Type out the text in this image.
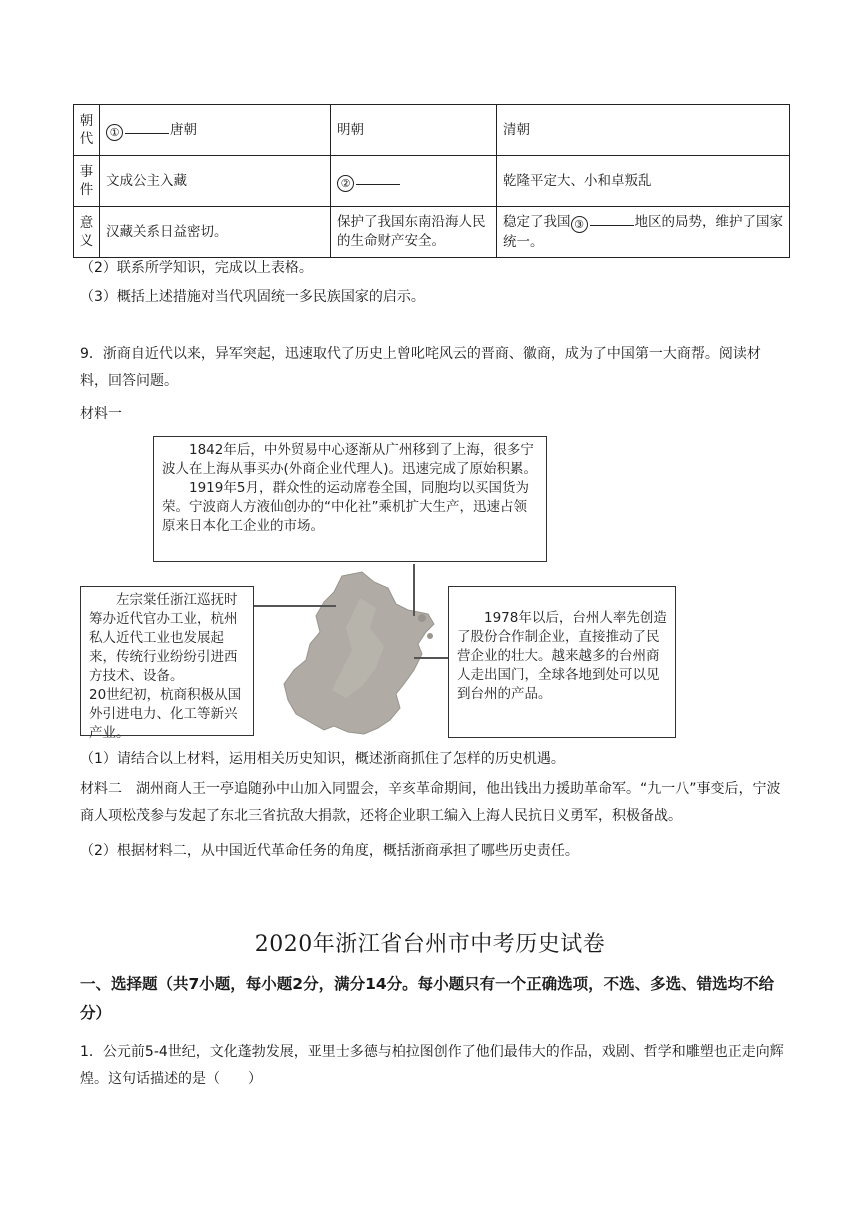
朝代	① 唐朝	明朝	清朝
事件	文成公主入藏	②	乾隆平定大、小和卓叛乱
意义	汉藏关系日益密切。	保护了我国东南沿海人民的生命财产安全。	稳定了我国 ③ 地区的局势，维护了国家统一。
（2）联系所学知识，完成以上表格。
（3）概括上述措施对当代巩固统一多民族国家的启示。
9．浙商自近代以来，异军突起，迅速取代了历史上曾叱咤风云的晋商、徽商，成为了中国第一大商帮。阅读材料，回答问题。
材料一

1842年后，中外贸易中心逐渐从广州移到了上海，很多宁波人在上海从事买办(外商企业代理人)。迅速完成了原始积累。

1919年5月，群众性的运动席卷全国，同胞均以买国货为荣。宁波商人方液仙创办的“中化社”乘机扩大生产，迅速占领原来日本化工企业的市场。

左宗棠任浙江巡抚时筹办近代官办工业，杭州私人近代工业也发展起来，传统行业纷纷引进西方技术、设备。

20世纪初，杭商积极从国外引进电力、化工等新兴产业。

1978年以后，台州人率先创造了股份合作制企业，直接推动了民营企业的壮大。越来越多的台州商人走出国门，全球各地到处可以见到台州的产品。

（1）请结合以上材料，运用相关历史知识，概述浙商抓住了怎样的历史机遇。
材料二　湖州商人王一亭追随孙中山加入同盟会，辛亥革命期间，他出钱出力援助革命军。“九一八”事变后，宁波商人项松茂参与发起了东北三省抗敌大捐款，还将企业职工编入上海人民抗日义勇军，积极备战。
（2）根据材料二，从中国近代革命任务的角度，概括浙商承担了哪些历史责任。
2020年浙江省台州市中考历史试卷
一、选择题（共7小题，每小题2分，满分14分。每小题只有一个正确选项，不选、多选、错选均不给分）
1．公元前5-4世纪，文化蓬勃发展，亚里士多德与柏拉图创作了他们最伟大的作品，戏剧、哲学和雕塑也正走向辉煌。这句话描述的是（　　）
